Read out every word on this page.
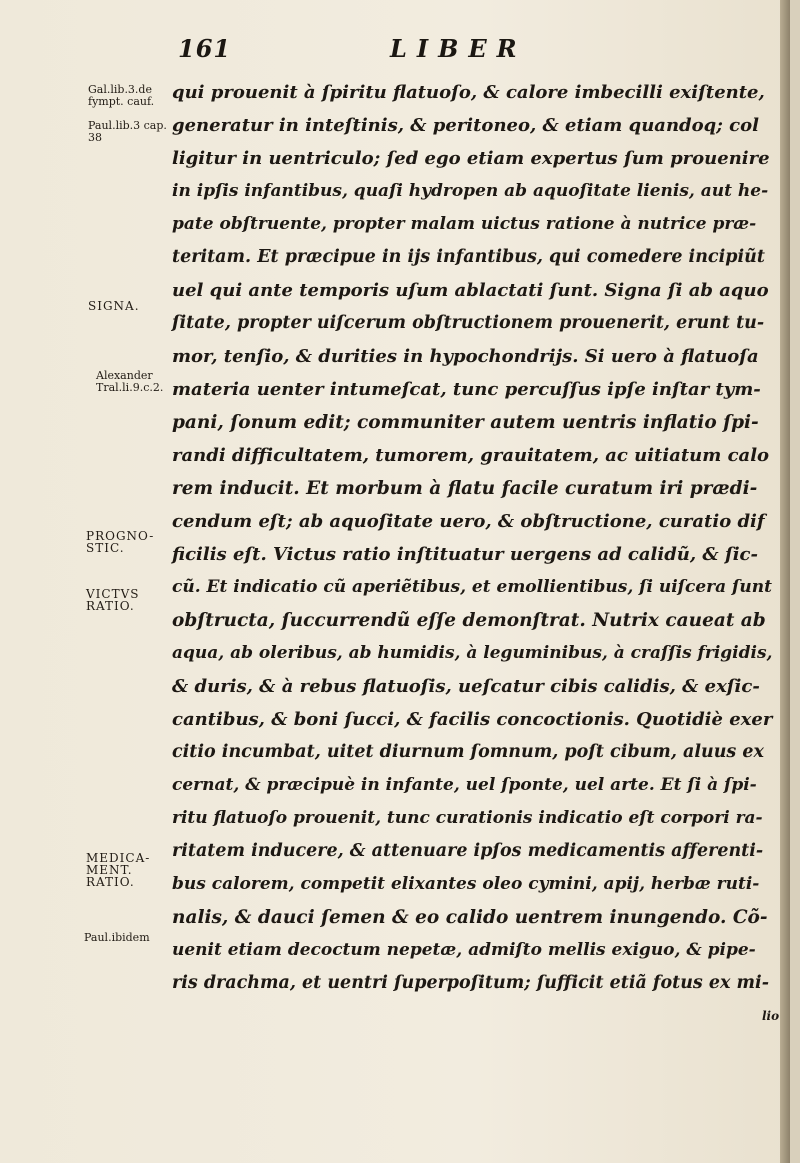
161	LIBER
Gal.lib.3.de fympt. cauf.
Paul.lib.3 cap. 38
SIGNA.
Alexander Tral.li.9.c.2.
PROGNO-STIC.
VICTVS RATIO.
MEDICA-MENT. RATIO.
Paul.ibidem
qui prouenit à ſpiritu flatuoſo, & calore imbecilli exiſtente,
generatur in inteſtinis, & peritoneo, & etiam quandoq; col
ligitur in uentriculo; ſed ego etiam expertus ſum prouenire
in ipſis infantibus, quaſi hydropen ab aquoſitate lienis, aut he-
pate obſtruente, propter malam uictus ratione à nutrice præ-
teritam. Et præcipue in ijs infantibus, qui comedere incipiũt
uel qui ante temporis uſum ablactati ſunt. Signa ſi ab aquo
ſitate, propter uiſcerum obſtructionem prouenerit, erunt tu-
mor, tenſio, & durities in hypochondrijs. Si uero à flatuoſa
materia uenter intumeſcat, tunc percuſſus ipſe inſtar tym-
pani, ſonum edit; communiter autem uentris inflatio ſpi-
randi difficultatem, tumorem, grauitatem, ac uitiatum calo
rem inducit. Et morbum à flatu facile curatum iri prædi-
cendum eſt; ab aquoſitate uero, & obſtructione, curatio dif
ficilis eſt. Victus ratio inſtituatur uergens ad calidũ, & ſic-
cũ. Et indicatio cũ aperiẽtibus, et emollientibus, ſi uiſcera ſunt
obſtructa, ſuccurrendũ eſſe demonſtrat. Nutrix caueat ab
aqua, ab oleribus, ab humidis, à leguminibus, à craſſis frigidis,
& duris, & à rebus flatuoſis, ueſcatur cibis calidis, & exſic-
cantibus, & boni ſucci, & facilis concoctionis. Quotidiè exer
citio incumbat, uitet diurnum ſomnum, poſt cibum, aluus ex
cernat, & præcipuè in infante, uel ſponte, uel arte. Et ſi à ſpi-
ritu flatuoſo prouenit, tunc curationis indicatio eſt corpori ra-
ritatem inducere, & attenuare ipſos medicamentis afferenti-
bus calorem, competit elixantes oleo cymini, apij, herbæ ruti-
nalis, & dauci ſemen & eo calido uentrem inungendo. Cõ-
uenit etiam decoctum nepetæ, admiſto mellis exiguo, & pipe-
ris drachma, et uentri ſuperpoſitum; ſufficit etiã fotus ex mi-
lio
